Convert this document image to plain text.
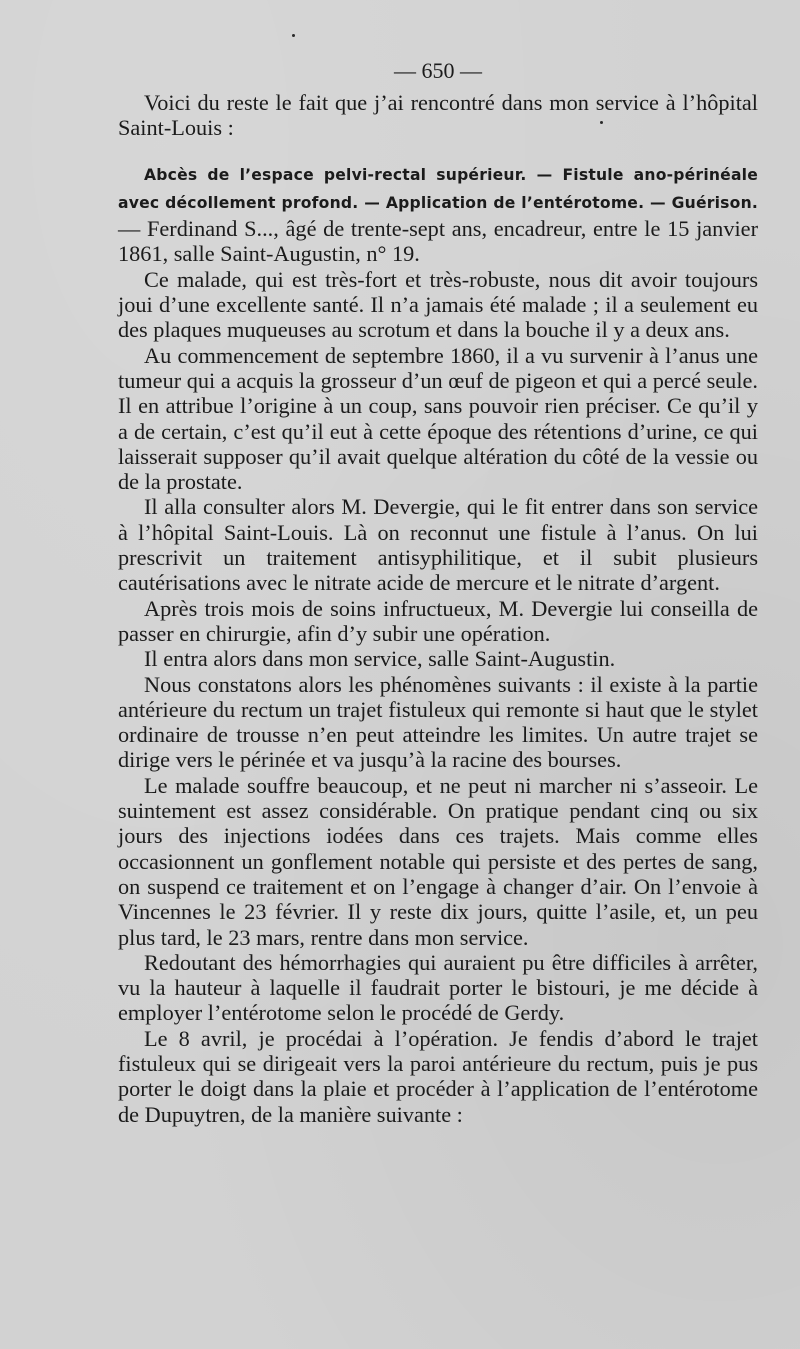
— 650 —

Voici du reste le fait que j’ai rencontré dans mon service à l’hôpital Saint-Louis :

Abcès de l’espace pelvi-rectal supérieur. — Fistule ano-périnéale avec décollement profond. — Application de l’entérotome. — Guérison. — Ferdinand S..., âgé de trente-sept ans, encadreur, entre le 15 janvier 1861, salle Saint-Augustin, n° 19.

Ce malade, qui est très-fort et très-robuste, nous dit avoir toujours joui d’une excellente santé. Il n’a jamais été malade ; il a seulement eu des plaques muqueuses au scrotum et dans la bouche il y a deux ans.

Au commencement de septembre 1860, il a vu survenir à l’anus une tumeur qui a acquis la grosseur d’un œuf de pigeon et qui a percé seule. Il en attribue l’origine à un coup, sans pouvoir rien préciser. Ce qu’il y a de certain, c’est qu’il eut à cette époque des rétentions d’urine, ce qui laisserait supposer qu’il avait quelque altération du côté de la vessie ou de la prostate.

Il alla consulter alors M. Devergie, qui le fit entrer dans son service à l’hôpital Saint-Louis. Là on reconnut une fistule à l’anus. On lui prescrivit un traitement antisyphilitique, et il subit plusieurs cautérisations avec le nitrate acide de mercure et le nitrate d’argent.

Après trois mois de soins infructueux, M. Devergie lui conseilla de passer en chirurgie, afin d’y subir une opération.

Il entra alors dans mon service, salle Saint-Augustin.

Nous constatons alors les phénomènes suivants : il existe à la partie antérieure du rectum un trajet fistuleux qui remonte si haut que le stylet ordinaire de trousse n’en peut atteindre les limites. Un autre trajet se dirige vers le périnée et va jusqu’à la racine des bourses.

Le malade souffre beaucoup, et ne peut ni marcher ni s’asseoir. Le suintement est assez considérable. On pratique pendant cinq ou six jours des injections iodées dans ces trajets. Mais comme elles occasionnent un gonflement notable qui persiste et des pertes de sang, on suspend ce traitement et on l’engage à changer d’air. On l’envoie à Vincennes le 23 février. Il y reste dix jours, quitte l’asile, et, un peu plus tard, le 23 mars, rentre dans mon service.

Redoutant des hémorrhagies qui auraient pu être difficiles à arrêter, vu la hauteur à laquelle il faudrait porter le bistouri, je me décide à employer l’entérotome selon le procédé de Gerdy.

Le 8 avril, je procédai à l’opération. Je fendis d’abord le trajet fistuleux qui se dirigeait vers la paroi antérieure du rectum, puis je pus porter le doigt dans la plaie et procéder à l’application de l’entérotome de Dupuytren, de la manière suivante :
